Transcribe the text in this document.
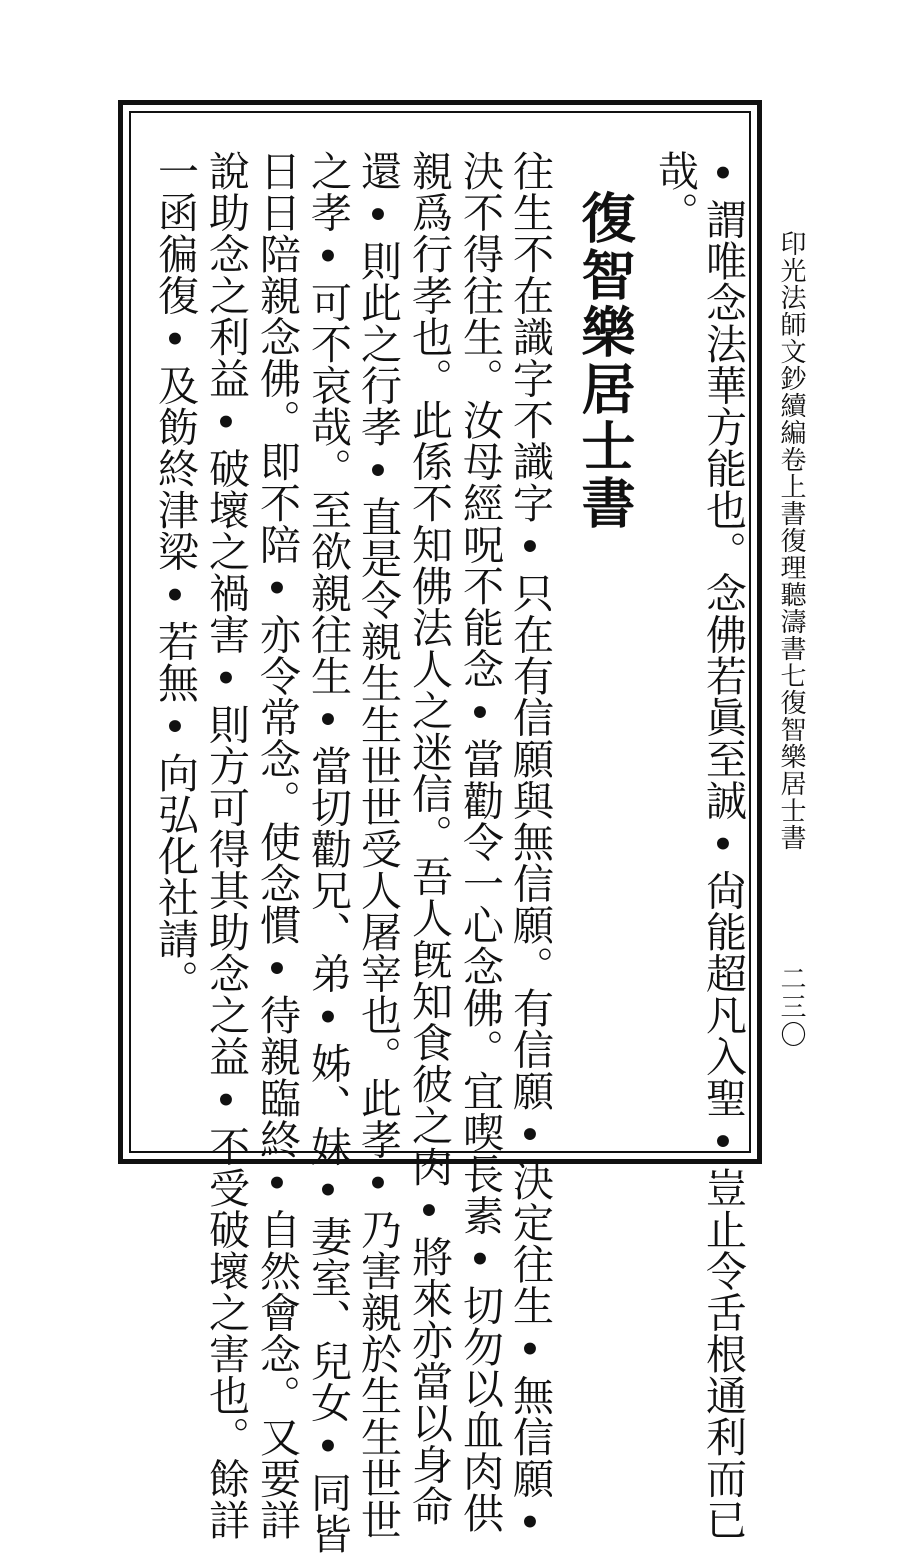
印光法師文鈔續編卷上書復理聽濤書七復智樂居士書
二三〇
•謂唯念法華方能也。念佛若眞至誠•尙能超凡入聖•豈止令舌根通利而已
哉。
復智樂居士書
往生不在識字不識字•只在有信願與無信願。有信願•決定往生•無信願•
決不得往生。汝母經呪不能念•當勸令一心念佛。宜喫長素•切勿以血肉供
親爲行孝也。此係不知佛法人之迷信。吾人旣知食彼之肉•將來亦當以身命
還•則此之行孝•直是令親生生世世受人屠宰也。此孝•乃害親於生生世世
之孝•可不哀哉。至欲親往生•當切勸兄、弟•姊、妹•妻室、兒女•同皆
日日陪親念佛。即不陪•亦令常念。使念慣•待親臨終•自然會念。又要詳
說助念之利益•破壞之禍害•則方可得其助念之益•不受破壞之害也。餘詳
一函徧復•及飭終津梁•若無•向弘化社請。
